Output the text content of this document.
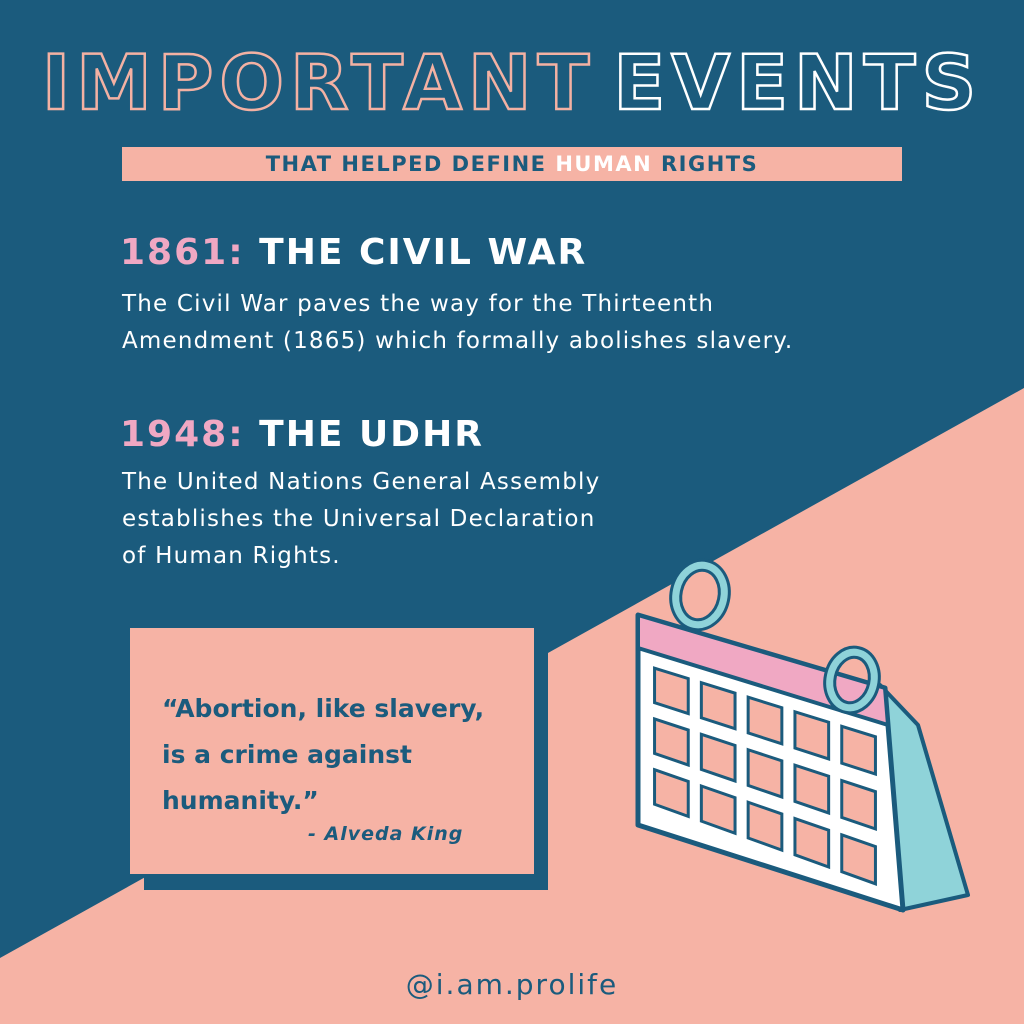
IMPORTANT EVENTS
THAT HELPED DEFINE HUMAN RIGHTS
1861: THE CIVIL WAR
The Civil War paves the way for the Thirteenth
Amendment (1865) which formally abolishes slavery.
1948: THE UDHR
The United Nations General Assembly
establishes the Universal Declaration
of Human Rights.
“Abortion, like slavery,
is a crime against
humanity.”
- Alveda King
@i.am.prolife
